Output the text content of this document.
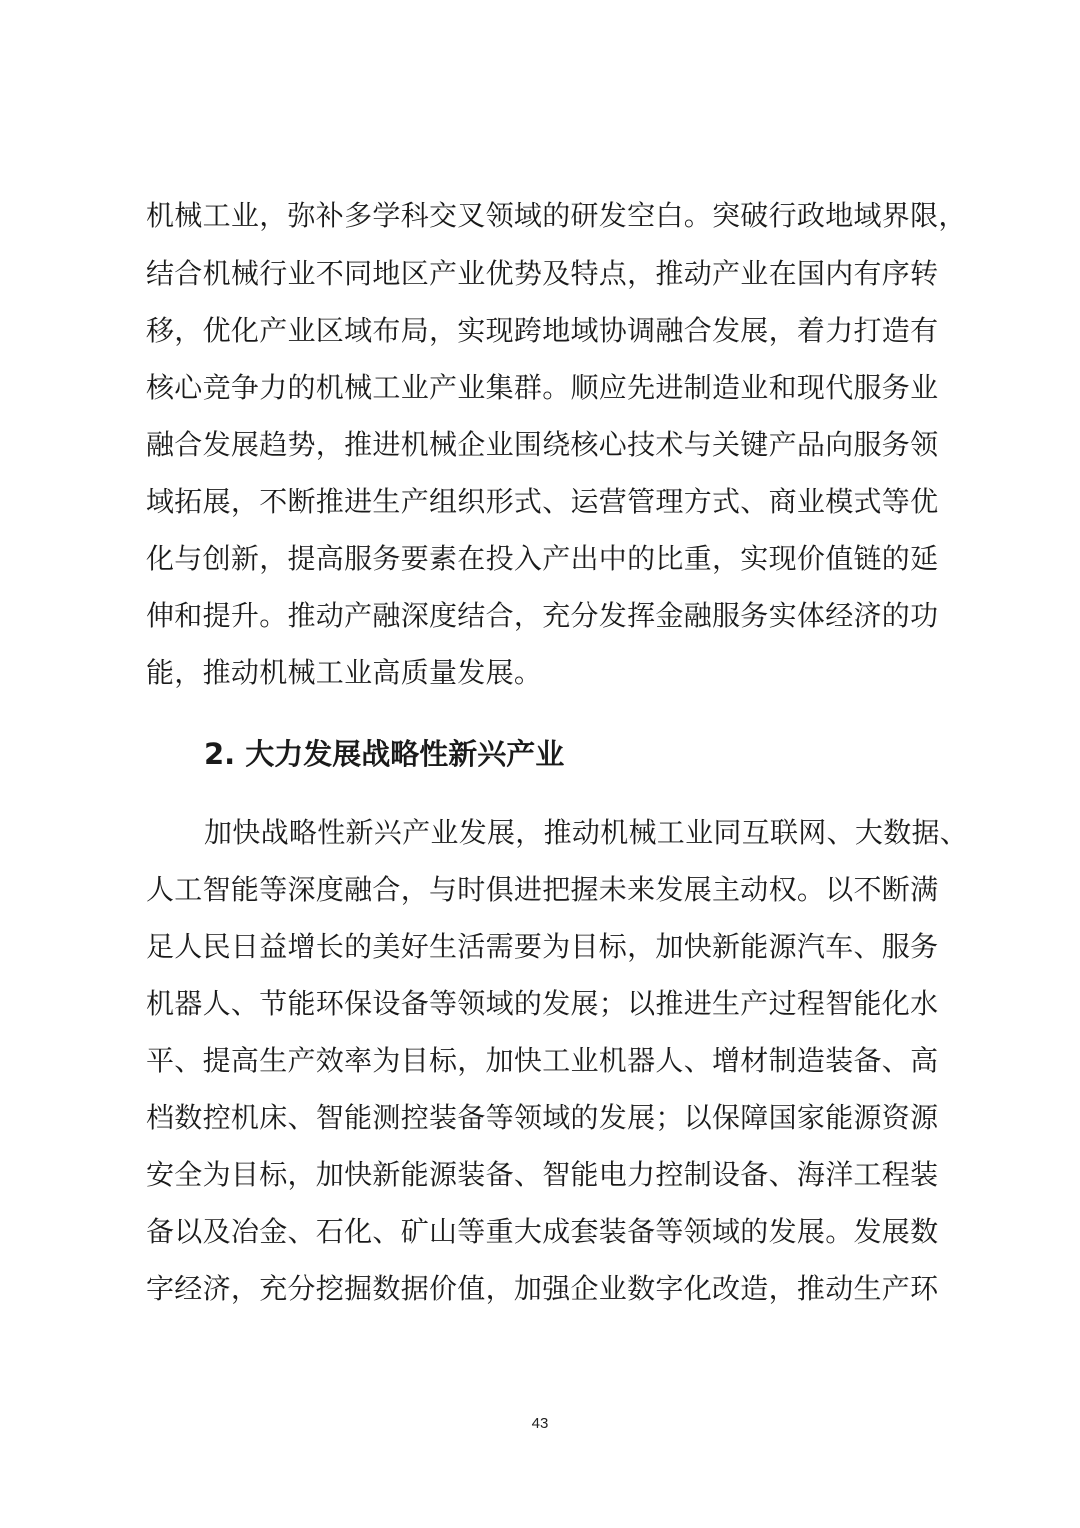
机械工业，弥补多学科交叉领域的研发空白。突破行政地域界限，
结合机械行业不同地区产业优势及特点，推动产业在国内有序转
移，优化产业区域布局，实现跨地域协调融合发展，着力打造有
核心竞争力的机械工业产业集群。顺应先进制造业和现代服务业
融合发展趋势，推进机械企业围绕核心技术与关键产品向服务领
域拓展，不断推进生产组织形式、运营管理方式、商业模式等优
化与创新，提高服务要素在投入产出中的比重，实现价值链的延
伸和提升。推动产融深度结合，充分发挥金融服务实体经济的功
能，推动机械工业高质量发展。
2. 大力发展战略性新兴产业
加快战略性新兴产业发展，推动机械工业同互联网、大数据、
人工智能等深度融合，与时俱进把握未来发展主动权。以不断满
足人民日益增长的美好生活需要为目标，加快新能源汽车、服务
机器人、节能环保设备等领域的发展；以推进生产过程智能化水
平、提高生产效率为目标，加快工业机器人、增材制造装备、高
档数控机床、智能测控装备等领域的发展；以保障国家能源资源
安全为目标，加快新能源装备、智能电力控制设备、海洋工程装
备以及冶金、石化、矿山等重大成套装备等领域的发展。发展数
字经济，充分挖掘数据价值，加强企业数字化改造，推动生产环
43
